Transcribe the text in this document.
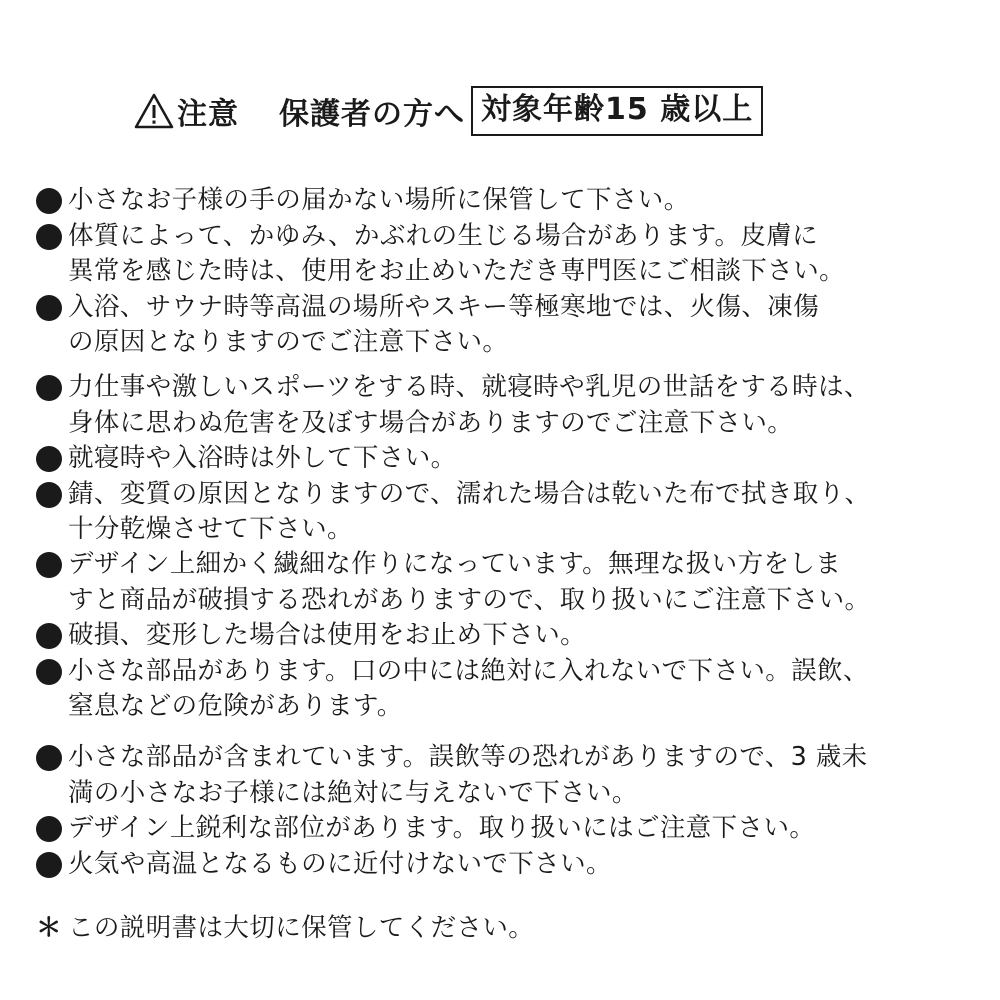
注意 保護者の方へ 対象年齢15 歳以上
小さなお子様の手の届かない場所に保管して下さい。
体質によって、かゆみ、かぶれの生じる場合があります。皮膚に
異常を感じた時は、使用をお止めいただき専門医にご相談下さい。
入浴、サウナ時等高温の場所やスキー等極寒地では、火傷、凍傷
の原因となりますのでご注意下さい。
力仕事や激しいスポーツをする時、就寝時や乳児の世話をする時は、
身体に思わぬ危害を及ぼす場合がありますのでご注意下さい。
就寝時や入浴時は外して下さい。
錆、変質の原因となりますので、濡れた場合は乾いた布で拭き取り、
十分乾燥させて下さい。
デザイン上細かく繊細な作りになっています。無理な扱い方をしま
すと商品が破損する恐れがありますので、取り扱いにご注意下さい。
破損、変形した場合は使用をお止め下さい。
小さな部品があります。口の中には絶対に入れないで下さい。誤飲、
窒息などの危険があります。
小さな部品が含まれています。誤飲等の恐れがありますので、3 歳未
満の小さなお子様には絶対に与えないで下さい。
デザイン上鋭利な部位があります。取り扱いにはご注意下さい。
火気や高温となるものに近付けないで下さい。
＊ この説明書は大切に保管してください。
